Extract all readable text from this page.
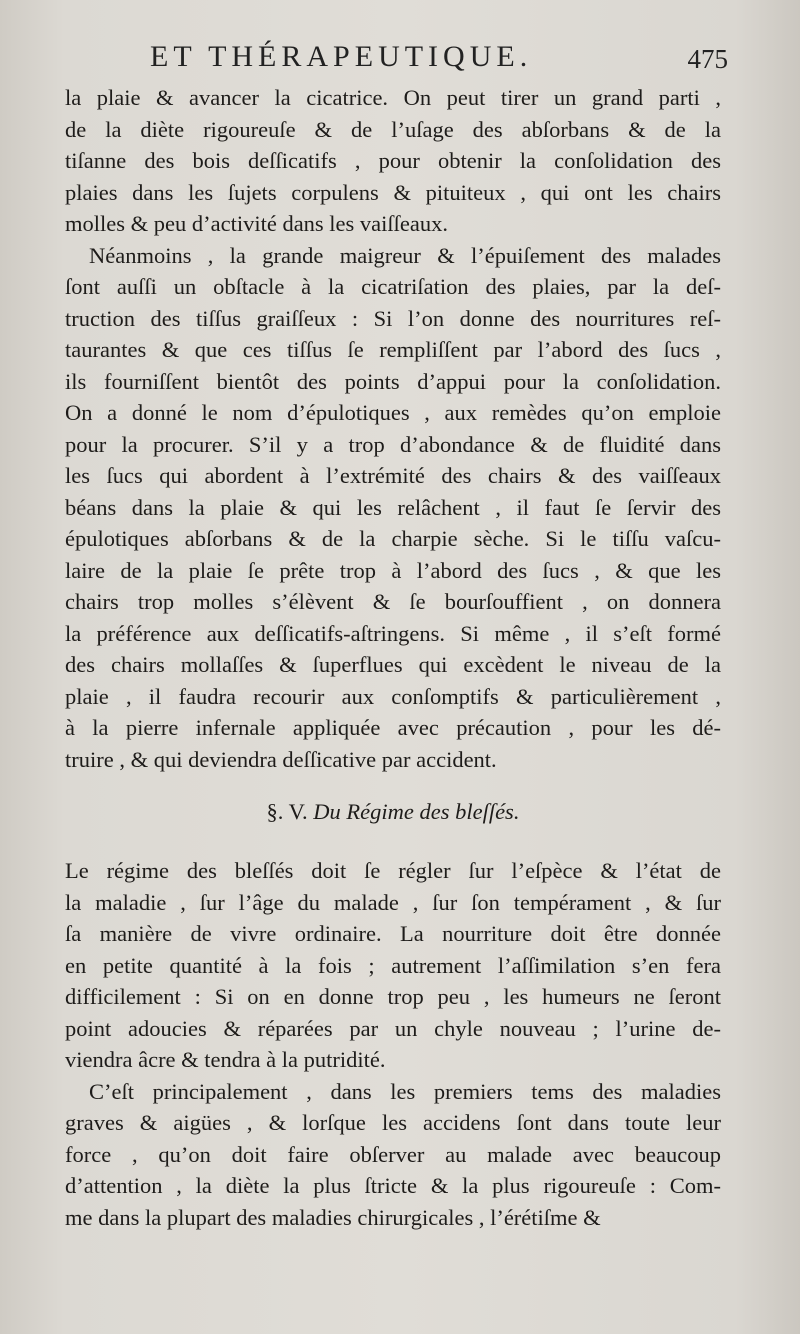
ET THÉRAPEUTIQUE.	475
la plaie & avancer la cicatrice. On peut tirer un grand parti ,
de la diète rigoureuſe & de l’uſage des abſorbans & de la
tiſanne des bois deſſicatifs , pour obtenir la conſolidation des
plaies dans les ſujets corpulens & pituiteux , qui ont les chairs
molles & peu d’activité dans les vaiſſeaux.
Néanmoins , la grande maigreur & l’épuiſement des malades
ſont auſſi un obſtacle à la cicatriſation des plaies, par la deſ-
truction des tiſſus graiſſeux : Si l’on donne des nourritures reſ-
taurantes & que ces tiſſus ſe rempliſſent par l’abord des ſucs ,
ils fourniſſent bientôt des points d’appui pour la conſolidation.
On a donné le nom d’épulotiques , aux remèdes qu’on emploie
pour la procurer. S’il y a trop d’abondance & de fluidité dans
les ſucs qui abordent à l’extrémité des chairs & des vaiſſeaux
béans dans la plaie & qui les relâchent , il faut ſe ſervir des
épulotiques abſorbans & de la charpie sèche. Si le tiſſu vaſcu-
laire de la plaie ſe prête trop à l’abord des ſucs , & que les
chairs trop molles s’élèvent & ſe bourſouffient , on donnera
la préférence aux deſſicatifs-aſtringens. Si même , il s’eſt formé
des chairs mollaſſes & ſuperflues qui excèdent le niveau de la
plaie , il faudra recourir aux conſomptifs & particulièrement ,
à la pierre infernale appliquée avec précaution , pour les dé-
truire , & qui deviendra deſſicative par accident.
§. V. Du Régime des bleſſés.
Le régime des bleſſés doit ſe régler ſur l’eſpèce & l’état de
la maladie , ſur l’âge du malade , ſur ſon tempérament , & ſur
ſa manière de vivre ordinaire. La nourriture doit être donnée
en petite quantité à la fois ; autrement l’aſſimilation s’en fera
difficilement : Si on en donne trop peu , les humeurs ne ſeront
point adoucies & réparées par un chyle nouveau ; l’urine de-
viendra âcre & tendra à la putridité.
C’eſt principalement , dans les premiers tems des maladies
graves & aigües , & lorſque les accidens ſont dans toute leur
force , qu’on doit faire obſerver au malade avec beaucoup
d’attention , la diète la plus ſtricte & la plus rigoureuſe : Com-
me dans la plupart des maladies chirurgicales , l’érétiſme &
